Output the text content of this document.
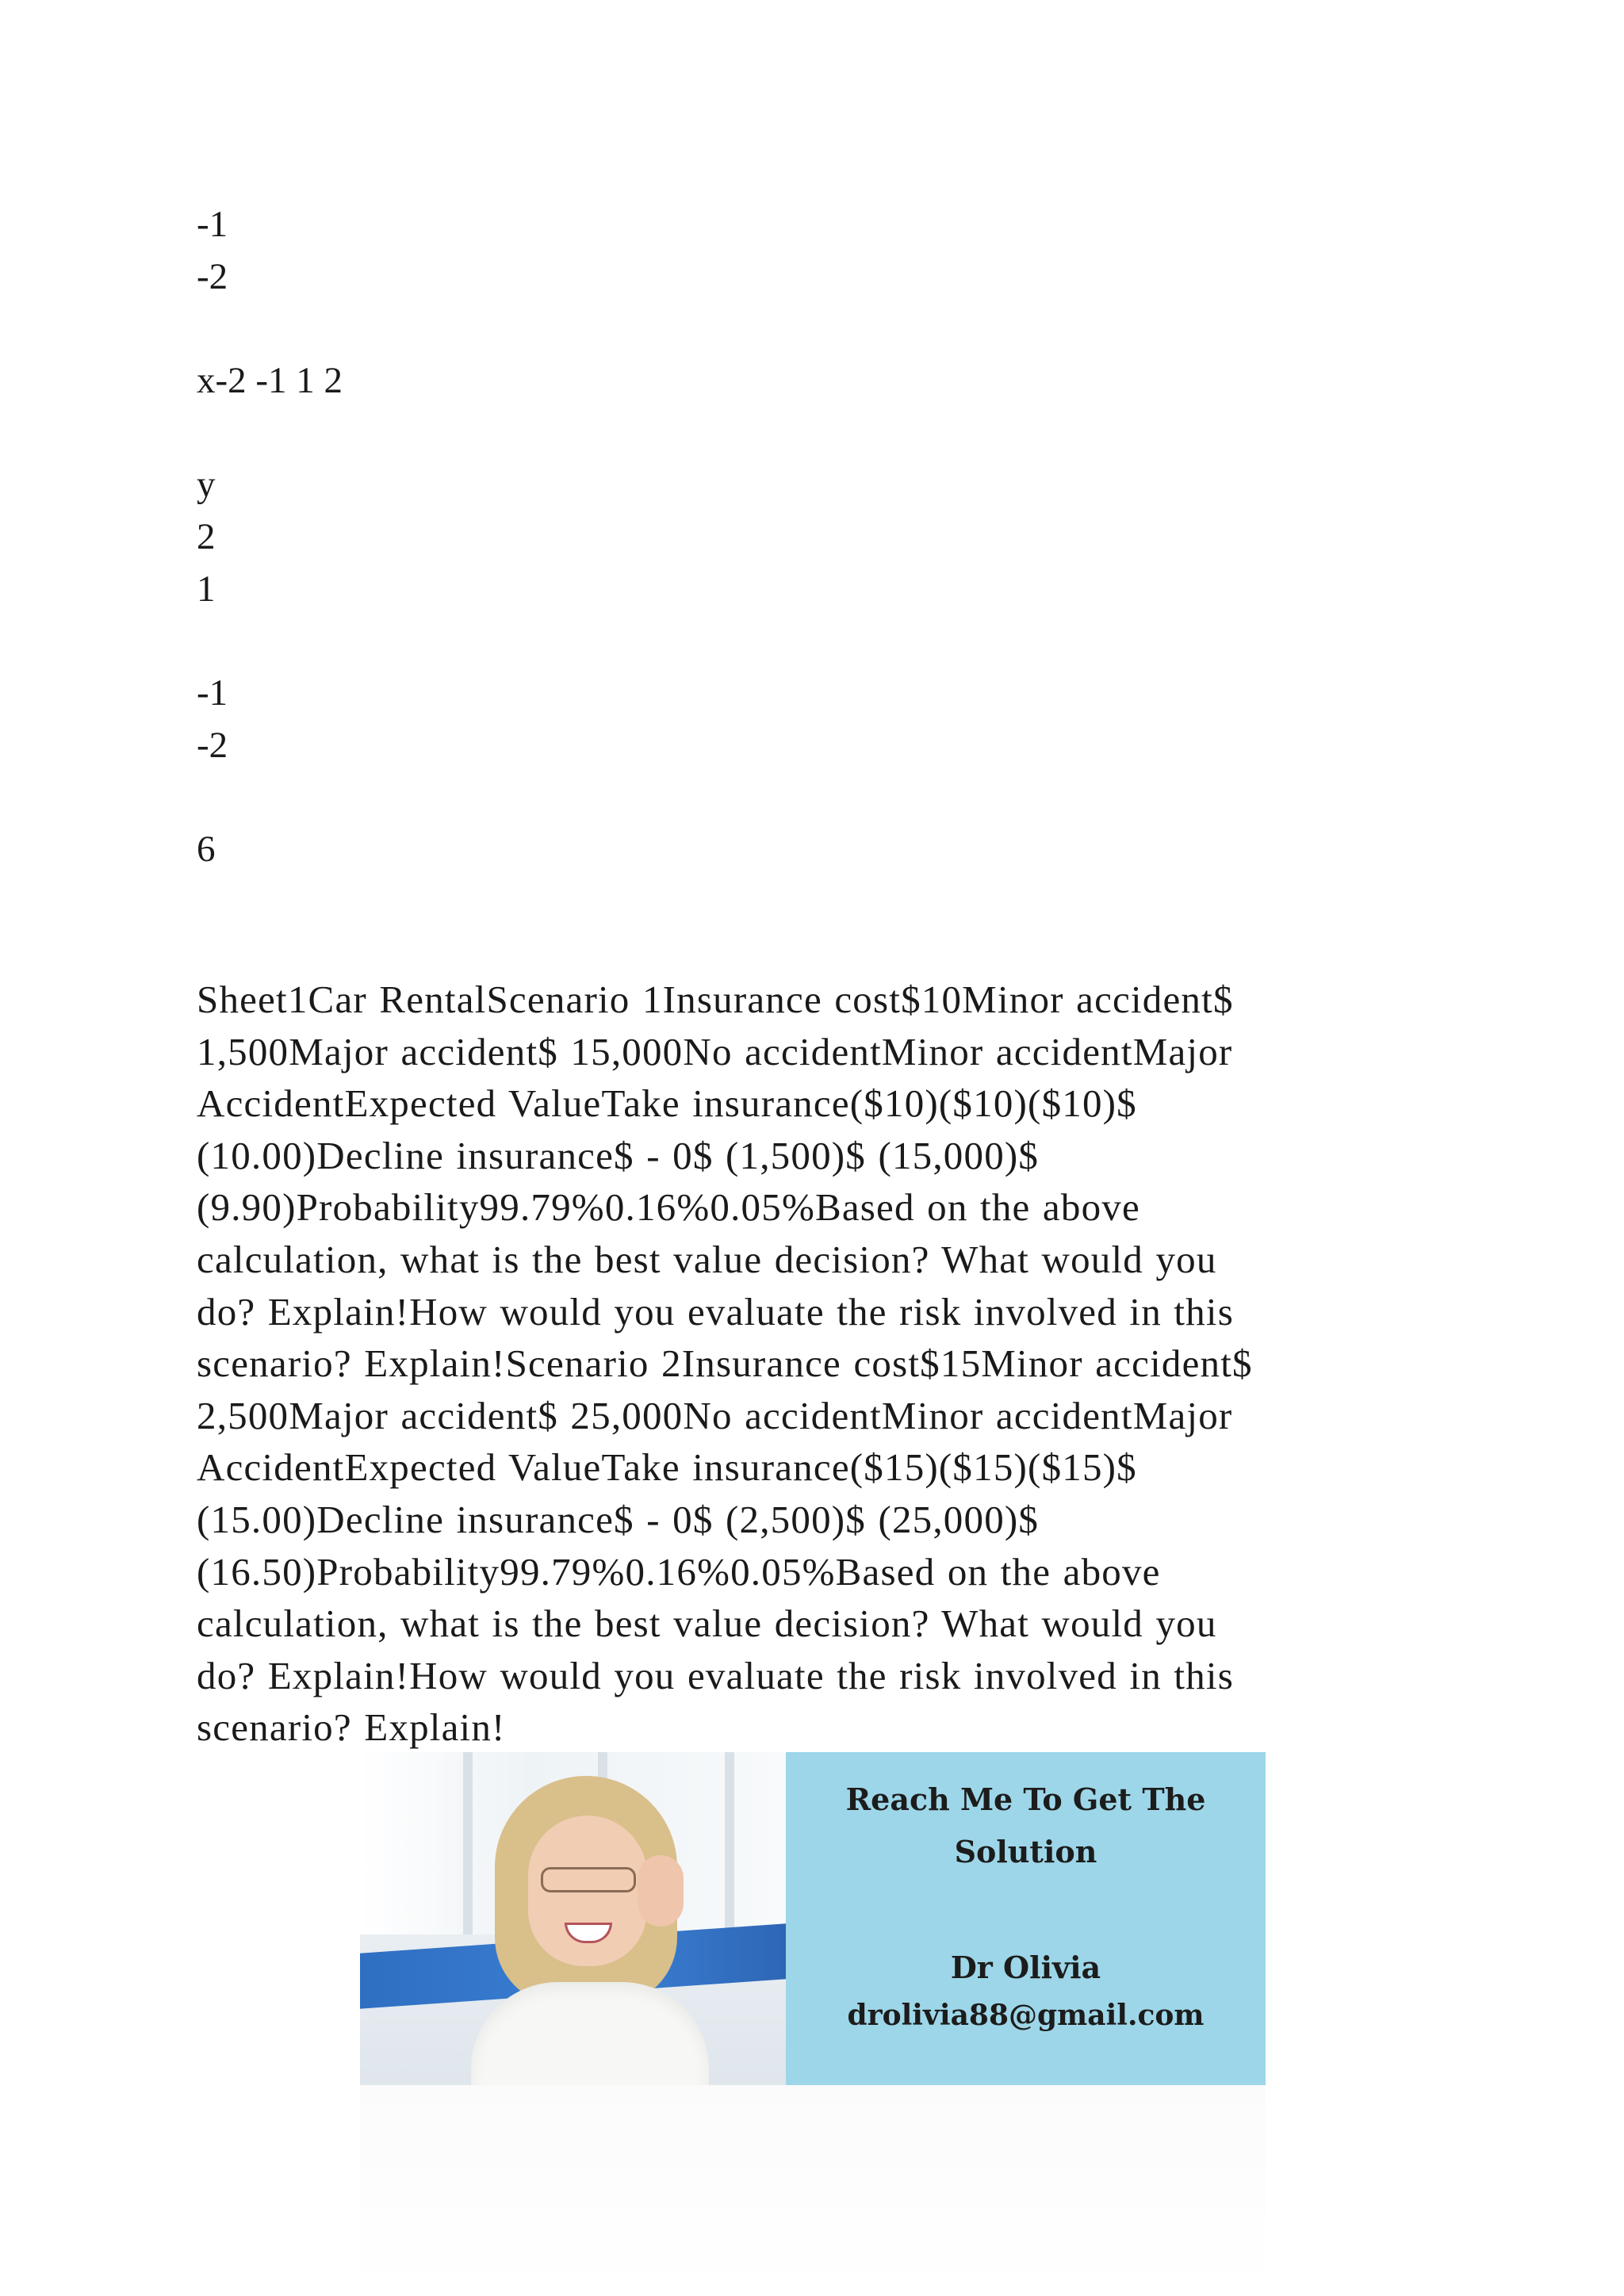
-1
-2
x-2 -1 1 2
y
2
1
-1
-2
6
Sheet1Car RentalScenario 1Insurance cost$10Minor accident$
1,500Major accident$ 15,000No accidentMinor accidentMajor
AccidentExpected ValueTake insurance($10)($10)($10)$
(10.00)Decline insurance$ - 0$ (1,500)$ (15,000)$
(9.90)Probability99.79%0.16%0.05%Based on the above
calculation, what is the best value decision? What would you
do? Explain!How would you evaluate the risk involved in this
scenario? Explain!Scenario 2Insurance cost$15Minor accident$
2,500Major accident$ 25,000No accidentMinor accidentMajor
AccidentExpected ValueTake insurance($15)($15)($15)$
(15.00)Decline insurance$ - 0$ (2,500)$ (25,000)$
(16.50)Probability99.79%0.16%0.05%Based on the above
calculation, what is the best value decision? What would you
do? Explain!How would you evaluate the risk involved in this
scenario? Explain!
Reach Me To Get The
Solution
Dr Olivia
drolivia88@gmail.com
